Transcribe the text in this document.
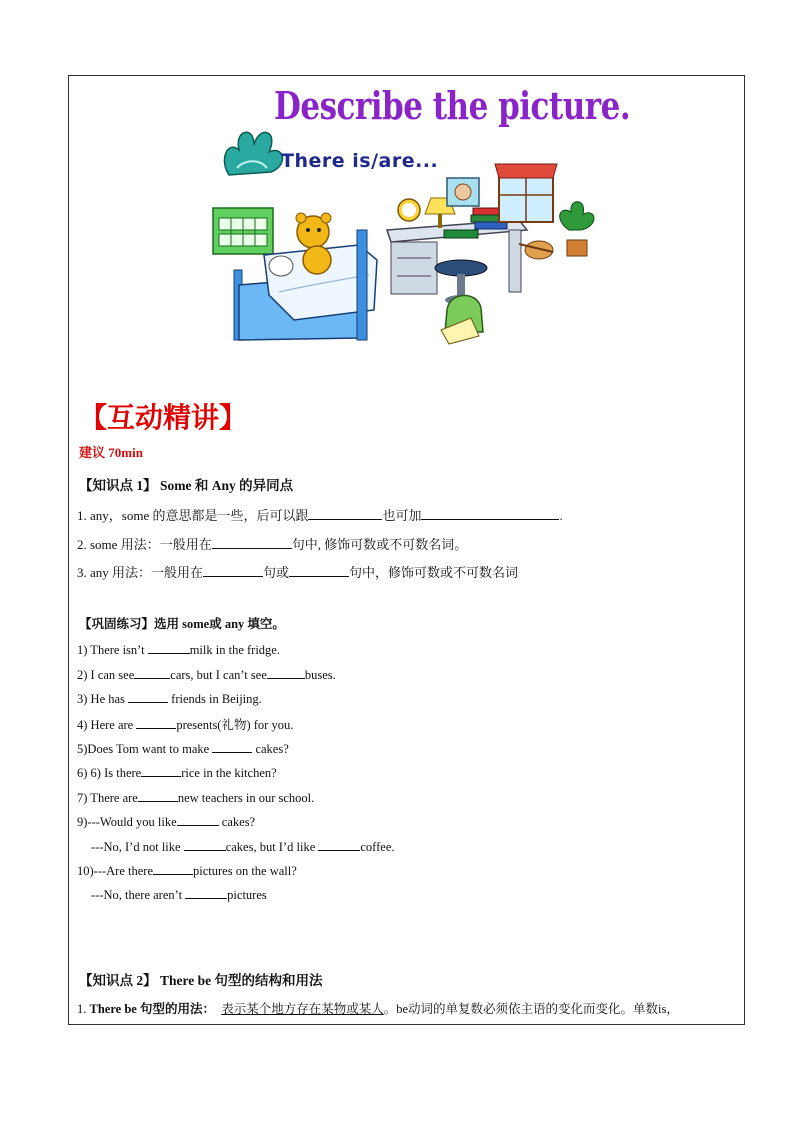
Describe the picture.
There is/are...
【互动精讲】
建议 70min
【知识点 1】 Some 和 Any 的异同点
1. any，some 的意思都是一些，后可以跟	也可加	.
2. some 用法：一般用在	句中, 修饰可数或不可数名词。
3. any 用法：一般用在	句或	句中，修饰可数或不可数名词
【巩固练习】选用 some或 any 填空。
1) There isn’t	milk in the fridge.
2) I can see	cars, but I can’t see	buses.
3) He has	friends in Beijing.
4) Here are	presents(礼物) for you.
5)Does Tom want to make	cakes?
6) 6) Is there	rice in the kitchen?
7) There are	new teachers in our school.
9)---Would you like	cakes?
---No, I’d not like	cakes, but I’d like	coffee.
10)---Are there	pictures on the wall?
---No, there aren’t	pictures
【知识点 2】 There be 句型的结构和用法
1. There be 句型的用法： 表示某个地方存在某物或某人。be动词的单复数必须依主语的变化而变化。单数is，
